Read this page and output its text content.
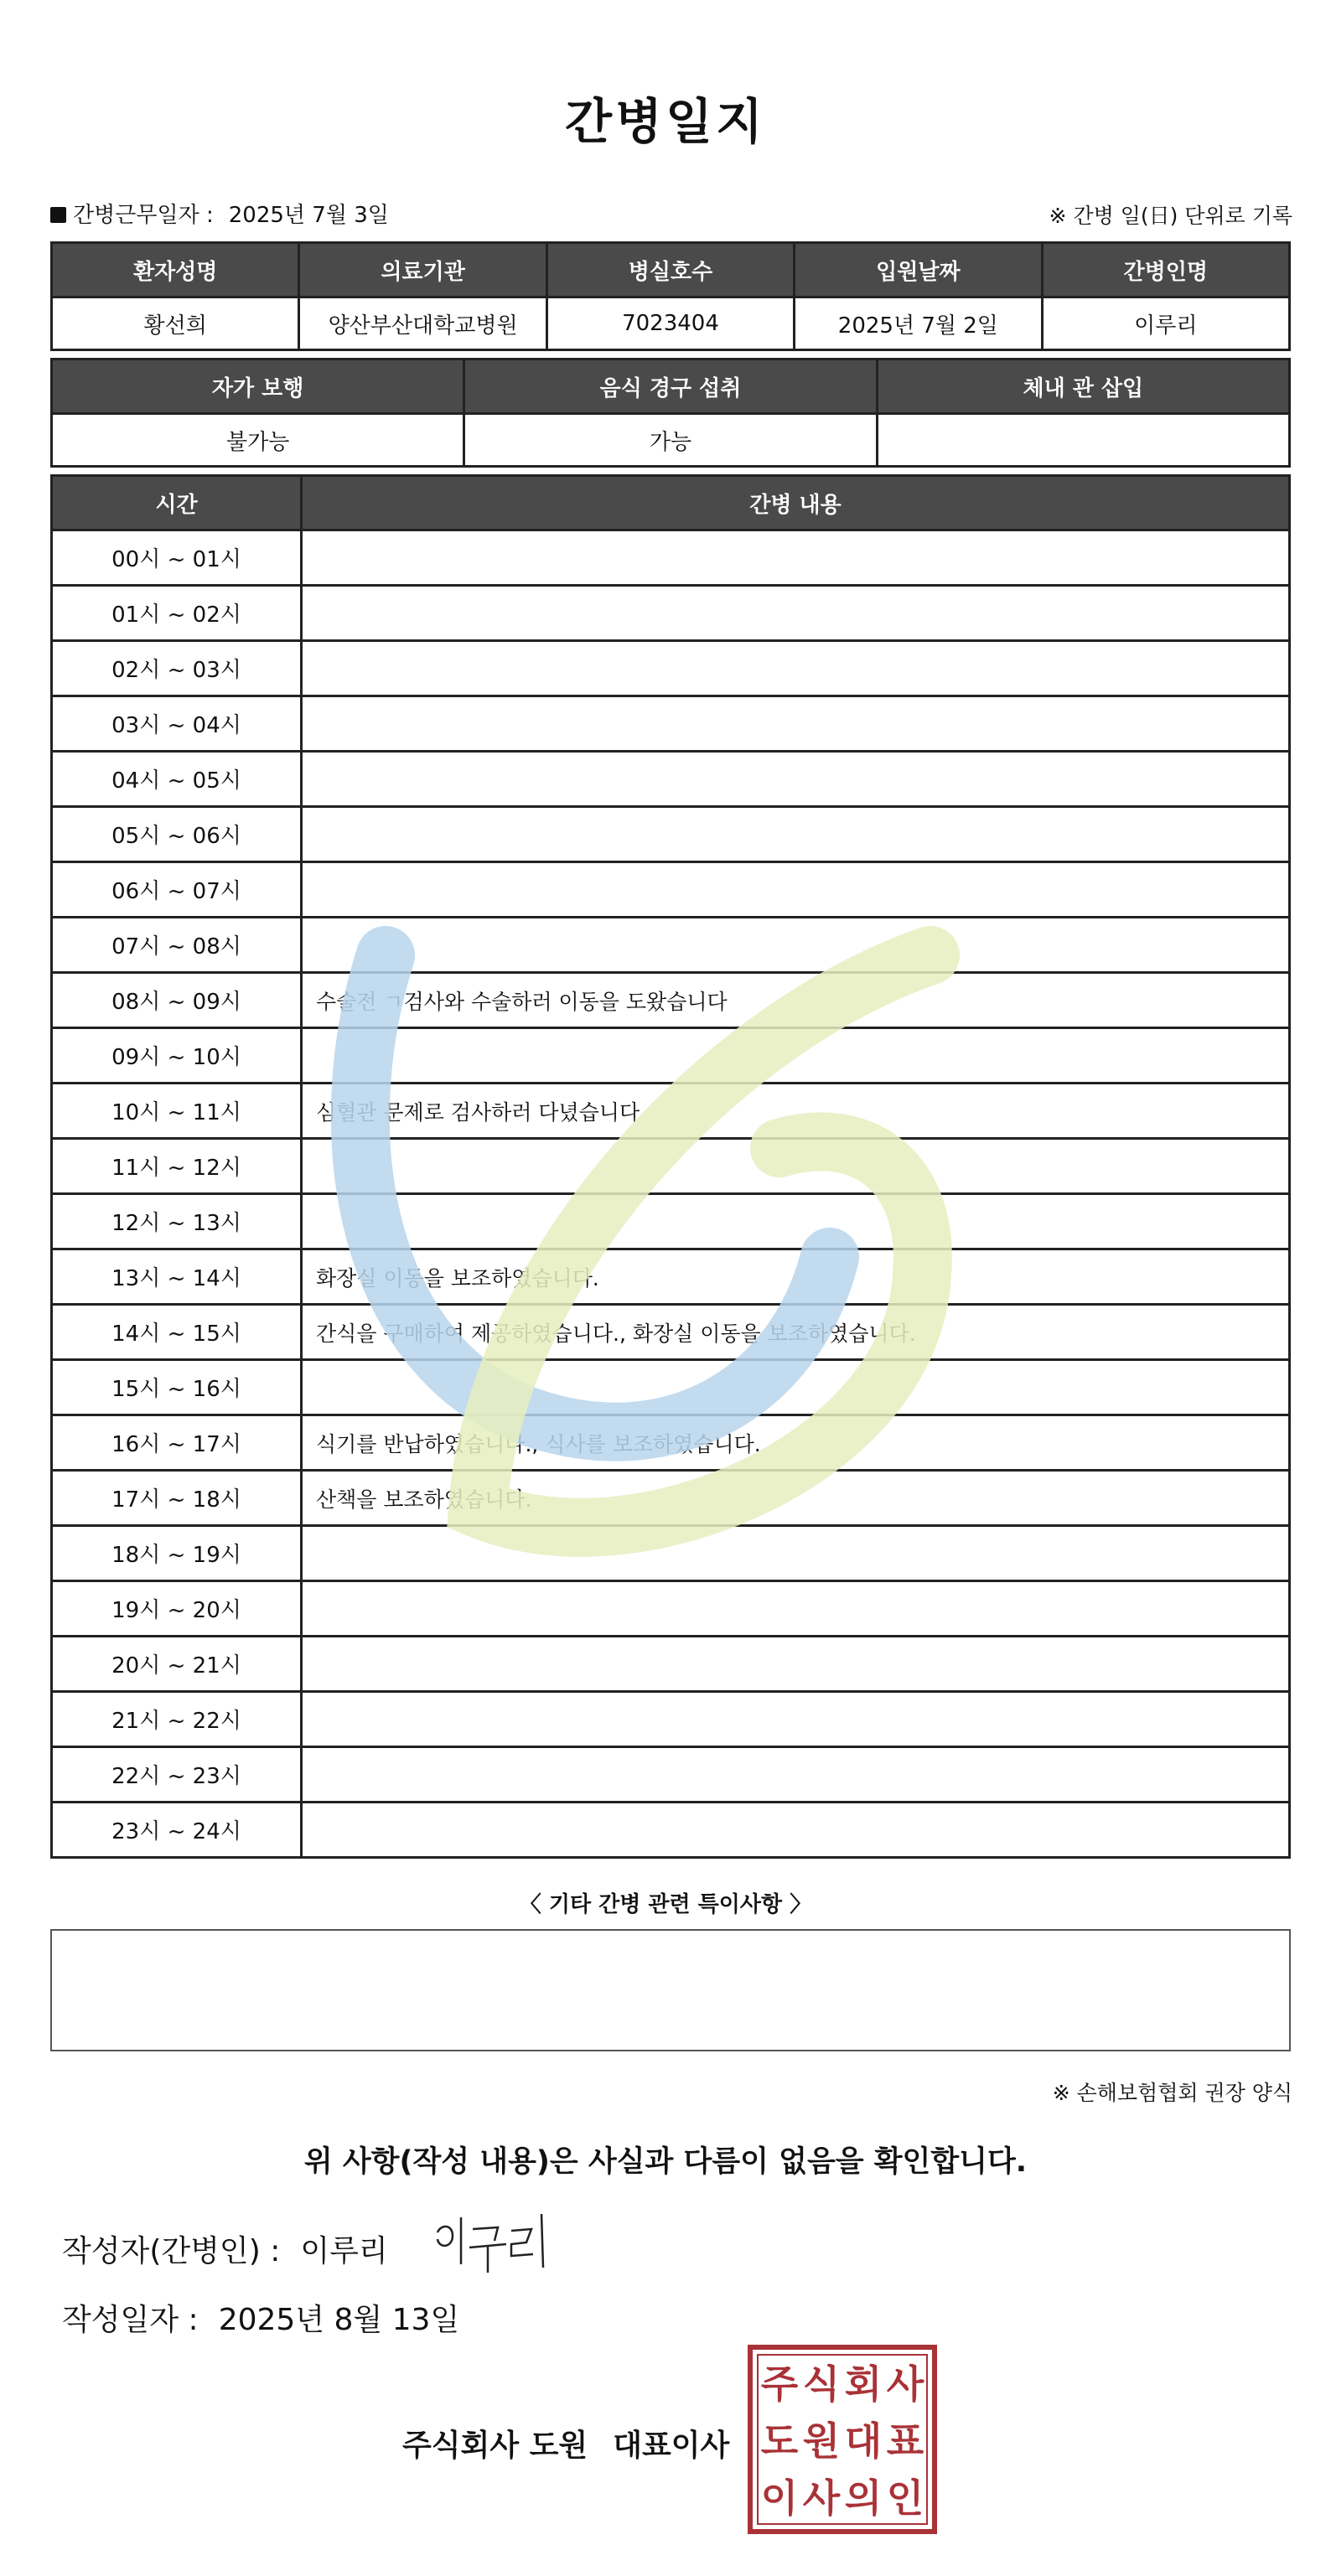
간병일지
간병근무일자 : 2025년 7월 3일	※ 간병 일(日) 단위로 기록
환자성명	의료기관	병실호수	입원날짜	간병인명
황선희	양산부산대학교병원	7023404	2025년 7월 2일	이루리
자가 보행	음식 경구 섭취	체내 관 삽입
불가능	가능	
시간	간병 내용
00시 ~ 01시	
01시 ~ 02시	
02시 ~ 03시	
03시 ~ 04시	
04시 ~ 05시	
05시 ~ 06시	
06시 ~ 07시	
07시 ~ 08시	
08시 ~ 09시	수술전 ㄱ검사와 수술하러 이동을 도왔습니다
09시 ~ 10시	
10시 ~ 11시	심혈관 문제로 검사하러 다녔습니다
11시 ~ 12시	
12시 ~ 13시	
13시 ~ 14시	화장실 이동을 보조하였습니다.
14시 ~ 15시	간식을 구매하여 제공하였습니다., 화장실 이동을 보조하였습니다.
15시 ~ 16시	
16시 ~ 17시	식기를 반납하였습니다., 식사를 보조하였습니다.
17시 ~ 18시	산책을 보조하였습니다.
18시 ~ 19시	
19시 ~ 20시	
20시 ~ 21시	
21시 ~ 22시	
22시 ~ 23시	
23시 ~ 24시	
〈 기타 간병 관련 특이사항 〉
※ 손해보험협회 권장 양식
위 사항(작성 내용)은 사실과 다름이 없음을 확인합니다.
작성자(간병인) : 이루리
작성일자 : 2025년 8월 13일
주식회사 도원 대표이사
주 식 회 사
도 원 대 표
이 사 의 인
